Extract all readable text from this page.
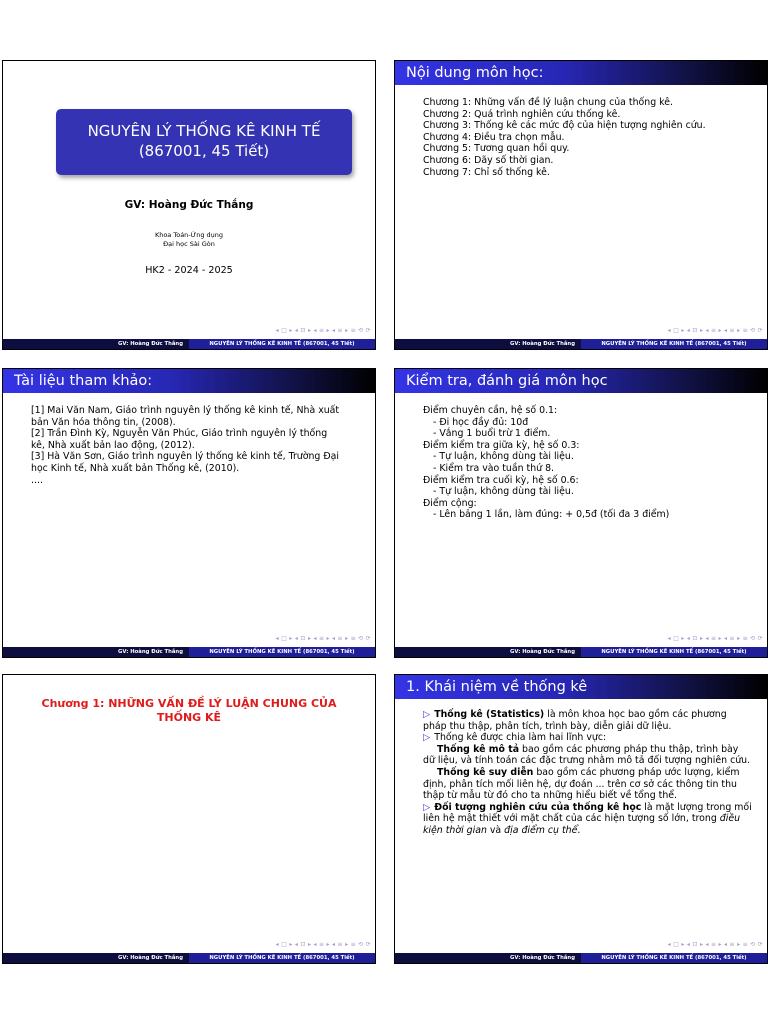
NGUYÊN LÝ THỐNG KÊ KINH TẾ
(867001, 45 Tiết)
GV: Hoàng Đức Thắng
Khoa Toán-Ứng dụng
Đại học Sài Gòn
HK2 - 2024 - 2025
◂ □ ▸ ◂ ⊡ ▸ ◂ ≡ ▸ ◂ ≡ ▸ ≡ ⟲ ⟳
GV: Hoàng Đức Thắng	NGUYÊN LÝ THỐNG KÊ KINH TẾ (867001, 45 Tiết)
Nội dung môn học:
Chương 1: Những vấn đề lý luận chung của thống kê.
Chương 2: Quá trình nghiên cứu thống kê.
Chương 3: Thống kê các mức độ của hiện tượng nghiên cứu.
Chương 4: Điều tra chọn mẫu.
Chương 5: Tương quan hồi quy.
Chương 6: Dãy số thời gian.
Chương 7: Chỉ số thống kê.
◂ □ ▸ ◂ ⊡ ▸ ◂ ≡ ▸ ◂ ≡ ▸ ≡ ⟲ ⟳
GV: Hoàng Đức Thắng	NGUYÊN LÝ THỐNG KÊ KINH TẾ (867001, 45 Tiết)
Tài liệu tham khảo:
[1] Mai Văn Nam, Giáo trình nguyên lý thống kê kinh tế, Nhà xuất
bản Văn hóa thông tin, (2008).
[2] Trần Đình Kỳ, Nguyễn Văn Phúc, Giáo trình nguyên lý thống
kê, Nhà xuất bản lao động, (2012).
[3] Hà Văn Sơn, Giáo trình nguyên lý thống kê kinh tế, Trường Đại
học Kinh tế, Nhà xuất bản Thống kê, (2010).
....
◂ □ ▸ ◂ ⊡ ▸ ◂ ≡ ▸ ◂ ≡ ▸ ≡ ⟲ ⟳
GV: Hoàng Đức Thắng	NGUYÊN LÝ THỐNG KÊ KINH TẾ (867001, 45 Tiết)
Kiểm tra, đánh giá môn học
Điểm chuyên cần, hệ số 0.1:
- Đi học đầy đủ: 10đ
- Vắng 1 buổi trừ 1 điểm.
Điểm kiểm tra giữa kỳ, hệ số 0.3:
- Tự luận, không dùng tài liệu.
- Kiểm tra vào tuần thứ 8.
Điểm kiểm tra cuối kỳ, hệ số 0.6:
- Tự luận, không dùng tài liệu.
Điểm cộng:
- Lên bảng 1 lần, làm đúng: + 0,5đ (tối đa 3 điểm)
◂ □ ▸ ◂ ⊡ ▸ ◂ ≡ ▸ ◂ ≡ ▸ ≡ ⟲ ⟳
GV: Hoàng Đức Thắng	NGUYÊN LÝ THỐNG KÊ KINH TẾ (867001, 45 Tiết)
Chương 1: NHỮNG VẤN ĐỀ LÝ LUẬN CHUNG CỦA
THỐNG KÊ
◂ □ ▸ ◂ ⊡ ▸ ◂ ≡ ▸ ◂ ≡ ▸ ≡ ⟲ ⟳
GV: Hoàng Đức Thắng	NGUYÊN LÝ THỐNG KÊ KINH TẾ (867001, 45 Tiết)
1. Khái niệm về thống kê
▷ Thống kê (Statistics) là môn khoa học bao gồm các phương pháp thu thập, phân tích, trình bày, diễn giải dữ liệu.
▷ Thống kê được chia làm hai lĩnh vực:
Thống kê mô tả bao gồm các phương pháp thu thập, trình bày dữ liệu, và tính toán các đặc trưng nhằm mô tả đối tượng nghiên cứu.
Thống kê suy diễn bao gồm các phương pháp ước lượng, kiểm định, phân tích mối liên hệ, dự đoán ... trên cơ sở các thông tin thu thập từ mẫu từ đó cho ta những hiểu biết về tổng thể.
▷ Đối tượng nghiên cứu của thống kê học là mặt lượng trong mối liên hệ mật thiết với mặt chất của các hiện tượng số lớn, trong điều kiện thời gian và địa điểm cụ thể.
◂ □ ▸ ◂ ⊡ ▸ ◂ ≡ ▸ ◂ ≡ ▸ ≡ ⟲ ⟳
GV: Hoàng Đức Thắng	NGUYÊN LÝ THỐNG KÊ KINH TẾ (867001, 45 Tiết)
